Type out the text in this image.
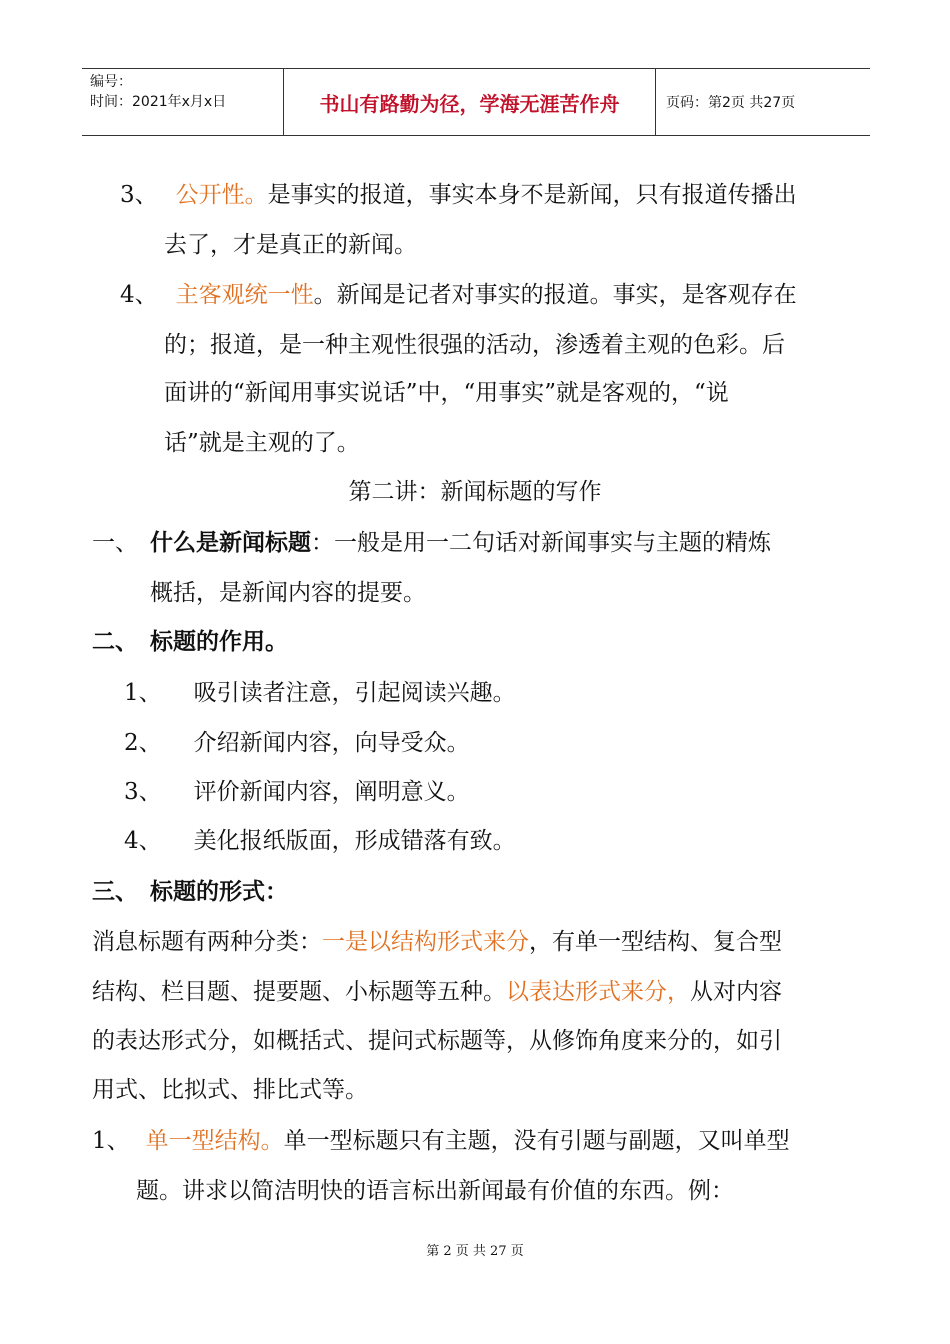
编号：
时间：2021年x月x日	书山有路勤为径，学海无涯苦作舟	页码：第2页 共27页
3、 公开性。是事实的报道，事实本身不是新闻，只有报道传播出
去了，才是真正的新闻。
4、 主客观统一性。新闻是记者对事实的报道。事实，是客观存在
的；报道，是一种主观性很强的活动，渗透着主观的色彩。后
面讲的“新闻用事实说话”中，“用事实”就是客观的，“说
话”就是主观的了。
第二讲：新闻标题的写作
一、 什么是新闻标题：一般是用一二句话对新闻事实与主题的精炼
概括，是新闻内容的提要。
二、 标题的作用。
1、 吸引读者注意，引起阅读兴趣。
2、 介绍新闻内容，向导受众。
3、 评价新闻内容，阐明意义。
4、 美化报纸版面，形成错落有致。
三、 标题的形式：
消息标题有两种分类：一是以结构形式来分，有单一型结构、复合型
结构、栏目题、提要题、小标题等五种。以表达形式来分，从对内容
的表达形式分，如概括式、提问式标题等，从修饰角度来分的，如引
用式、比拟式、排比式等。
1、 单一型结构。单一型标题只有主题，没有引题与副题，又叫单型
题。讲求以简洁明快的语言标出新闻最有价值的东西。例：
第 2 页 共 27 页
